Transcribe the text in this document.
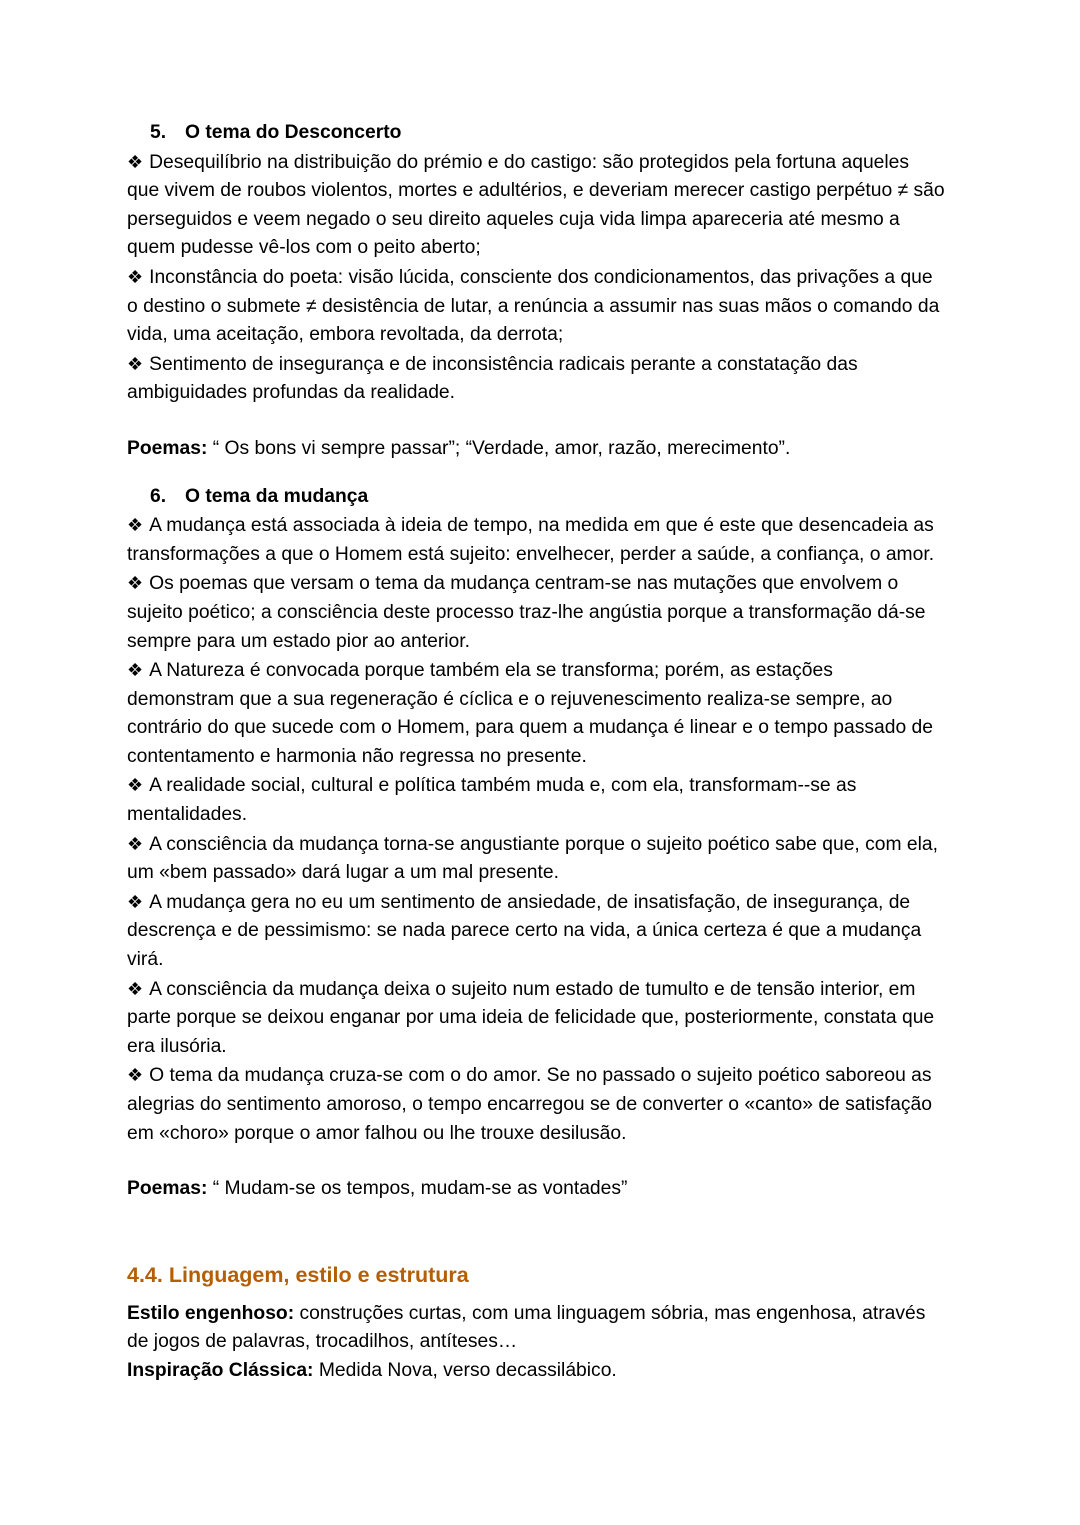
5. O tema do Desconcerto

❖ Desequilíbrio na distribuição do prémio e do castigo: são protegidos pela fortuna aqueles que vivem de roubos violentos, mortes e adultérios, e deveriam merecer castigo perpétuo ≠ são perseguidos e veem negado o seu direito aqueles cuja vida limpa apareceria até mesmo a quem pudesse vê-los com o peito aberto;

❖ Inconstância do poeta: visão lúcida, consciente dos condicionamentos, das privações a que o destino o submete ≠ desistência de lutar, a renúncia a assumir nas suas mãos o comando da vida, uma aceitação, embora revoltada, da derrota;

❖ Sentimento de insegurança e de inconsistência radicais perante a constatação das ambiguidades profundas da realidade.

Poemas: “ Os bons vi sempre passar”; “Verdade, amor, razão, merecimento”.

6. O tema da mudança

❖ A mudança está associada à ideia de tempo, na medida em que é este que desencadeia as transformações a que o Homem está sujeito: envelhecer, perder a saúde, a confiança, o amor.

❖ Os poemas que versam o tema da mudança centram-se nas mutações que envolvem o sujeito poético; a consciência deste processo traz-lhe angústia porque a transformação dá-se sempre para um estado pior ao anterior.

❖ A Natureza é convocada porque também ela se transforma; porém, as estações demonstram que a sua regeneração é cíclica e o rejuvenescimento realiza-se sempre, ao contrário do que sucede com o Homem, para quem a mudança é linear e o tempo passado de contentamento e harmonia não regressa no presente.

❖ A realidade social, cultural e política também muda e, com ela, transformam--se as mentalidades.

❖ A consciência da mudança torna-se angustiante porque o sujeito poético sabe que, com ela, um «bem passado» dará lugar a um mal presente.

❖ A mudança gera no eu um sentimento de ansiedade, de insatisfação, de insegurança, de descrença e de pessimismo: se nada parece certo na vida, a única certeza é que a mudança virá.

❖ A consciência da mudança deixa o sujeito num estado de tumulto e de tensão interior, em parte porque se deixou enganar por uma ideia de felicidade que, posteriormente, constata que era ilusória.

❖ O tema da mudança cruza-se com o do amor. Se no passado o sujeito poético saboreou as alegrias do sentimento amoroso, o tempo encarregou se de converter o «canto» de satisfação em «choro» porque o amor falhou ou lhe trouxe desilusão.

Poemas: “ Mudam-se os tempos, mudam-se as vontades”

4.4. Linguagem, estilo e estrutura

Estilo engenhoso: construções curtas, com uma linguagem sóbria, mas engenhosa, através de jogos de palavras, trocadilhos, antíteses…

Inspiração Clássica: Medida Nova, verso decassilábico.
